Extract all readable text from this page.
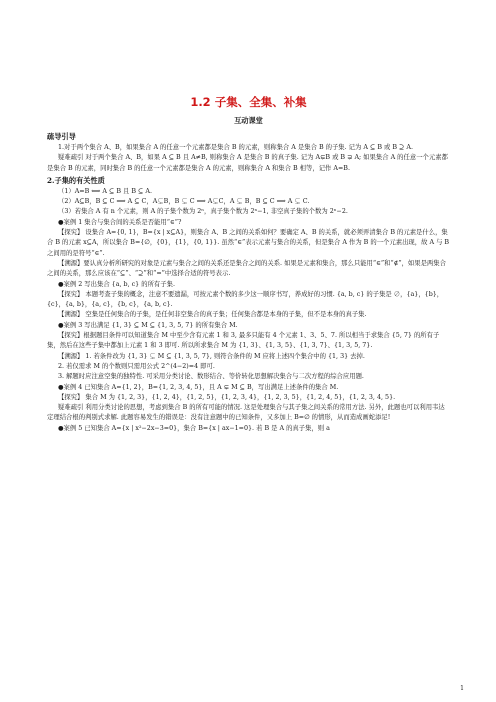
1.2 子集、全集、补集
互动课堂
疏导引导
1.对于两个集合 A、B，如果集合 A 的任意一个元素都是集合 B 的元素，则称集合 A 是集合 B 的子集. 记为 A ⊆ B 或 B ⊇ A.
疑难疏引 对于两个集合 A、B，如果 A ⊆ B 且 A≠B, 则称集合 A 是集合 B 的真子集. 记为 A⊊B 或 B ⊋ A; 如果集合 A 的任意一个元素都是集合 B 的元素，同时集合 B 的任意一个元素都是集合 A 的元素，则称集合 A 和集合 B 相等，记作 A=B.
2.子集的有关性质
（1）A=B ⟺ A ⊆ B 且 B ⊆ A.
（2）A⊆B，B ⊆ C ⟹ A ⊆ C，A⊊B，B ⊊ C ⟹ A⊊C，A ⊊ B，B ⊆ C ⟹ A ⊊ C.
（3）若集合 A 有 n 个元素，则 A 的子集个数为 2ⁿ，真子集个数为 2ⁿ−1, 非空真子集的个数为 2ⁿ−2.
●案例 1 集合与集合间的关系是否能用“∈”?
【探究】 设集合 A={0, 1}，B={x | x⊆A}，则集合 A、B 之间的关系如何？要确定 A、B 的关系，就必须弄清集合 B 的元素是什么，集合 B 的元素 x⊆A，所以集合 B={∅，{0}，{1}，{0, 1}}. 虽然“∈”表示元素与集合的关系，但是集合 A 作为 B 的一个元素出现，故 A 与 B 之间用的是符号“∈”.
【溯源】要认真分析所研究的对象是元素与集合之间的关系还是集合之间的关系. 如果是元素和集合，那么只能用“∈”和“∉”，如果是两集合之间的关系，那么应该在“⊆”、“⊇”和“=”中选择合适的符号表示.
●案例 2 写出集合 {a, b, c} 的所有子集.
【探究】 本题考查子集的概念，注意不要遗漏，可按元素个数的多少这一顺序书写，养成好的习惯. {a, b, c} 的子集是 ∅，{a}，{b}，{c}，{a, b}，{a, c}，{b, c}，{a, b, c}.
【溯源】 空集是任何集合的子集，是任何非空集合的真子集；任何集合都是本身的子集，但不是本身的真子集.
●案例 3 写出满足 {1, 3} ⊆ M ⊆ {1, 3, 5, 7} 的所有集合 M.
【探究】根据题目条件可以知道集合 M 中至少含有元素 1 和 3, 最多只能有 4 个元素 1、3、5、7. 所以相当于求集合 {5, 7} 的所有子集，然后在这些子集中都加上元素 1 和 3 即可. 所以所求集合 M 为 {1, 3}、{1, 3, 5}、{1, 3, 7}、{1, 3, 5, 7}.
【溯源】 1. 若条件改为 {1, 3} ⊊ M ⊆ {1, 3, 5, 7}, 则符合条件的 M 应将上述四个集合中的 {1, 3} 去掉.
2. 若仅需求 M 的个数则只需用公式 2^(4−2)=4 即可.
3. 解题时应注意空集的独特性. 可采用分类讨论、数形结合、等价转化思想解决集合与二次方程的综合应用题.
●案例 4 已知集合 A={1, 2}，B={1, 2, 3, 4, 5}，且 A ⊊ M ⊆ B，写出满足上述条件的集合 M.
【探究】 集合 M 为 {1, 2, 3}，{1, 2, 4}，{1, 2, 5}，{1, 2, 3, 4}，{1, 2, 3, 5}，{1, 2, 4, 5}，{1, 2, 3, 4, 5}.
疑难疏引 利用分类讨论的思想，考虑到集合 B 的所有可能的情况. 这是处理集合与其子集之间关系的常用方法. 另外，此题也可以利用韦达定理结合根的判别式求解. 此题容易发生的错误是：没有注意题中的已知条件，又多加上 B=∅ 的情形，从而造成画蛇添足!
●案例 5 已知集合 A={x | x²−2x−3=0}，集合 B={x | ax−1=0}. 若 B 是 A 的真子集，则 a
1
